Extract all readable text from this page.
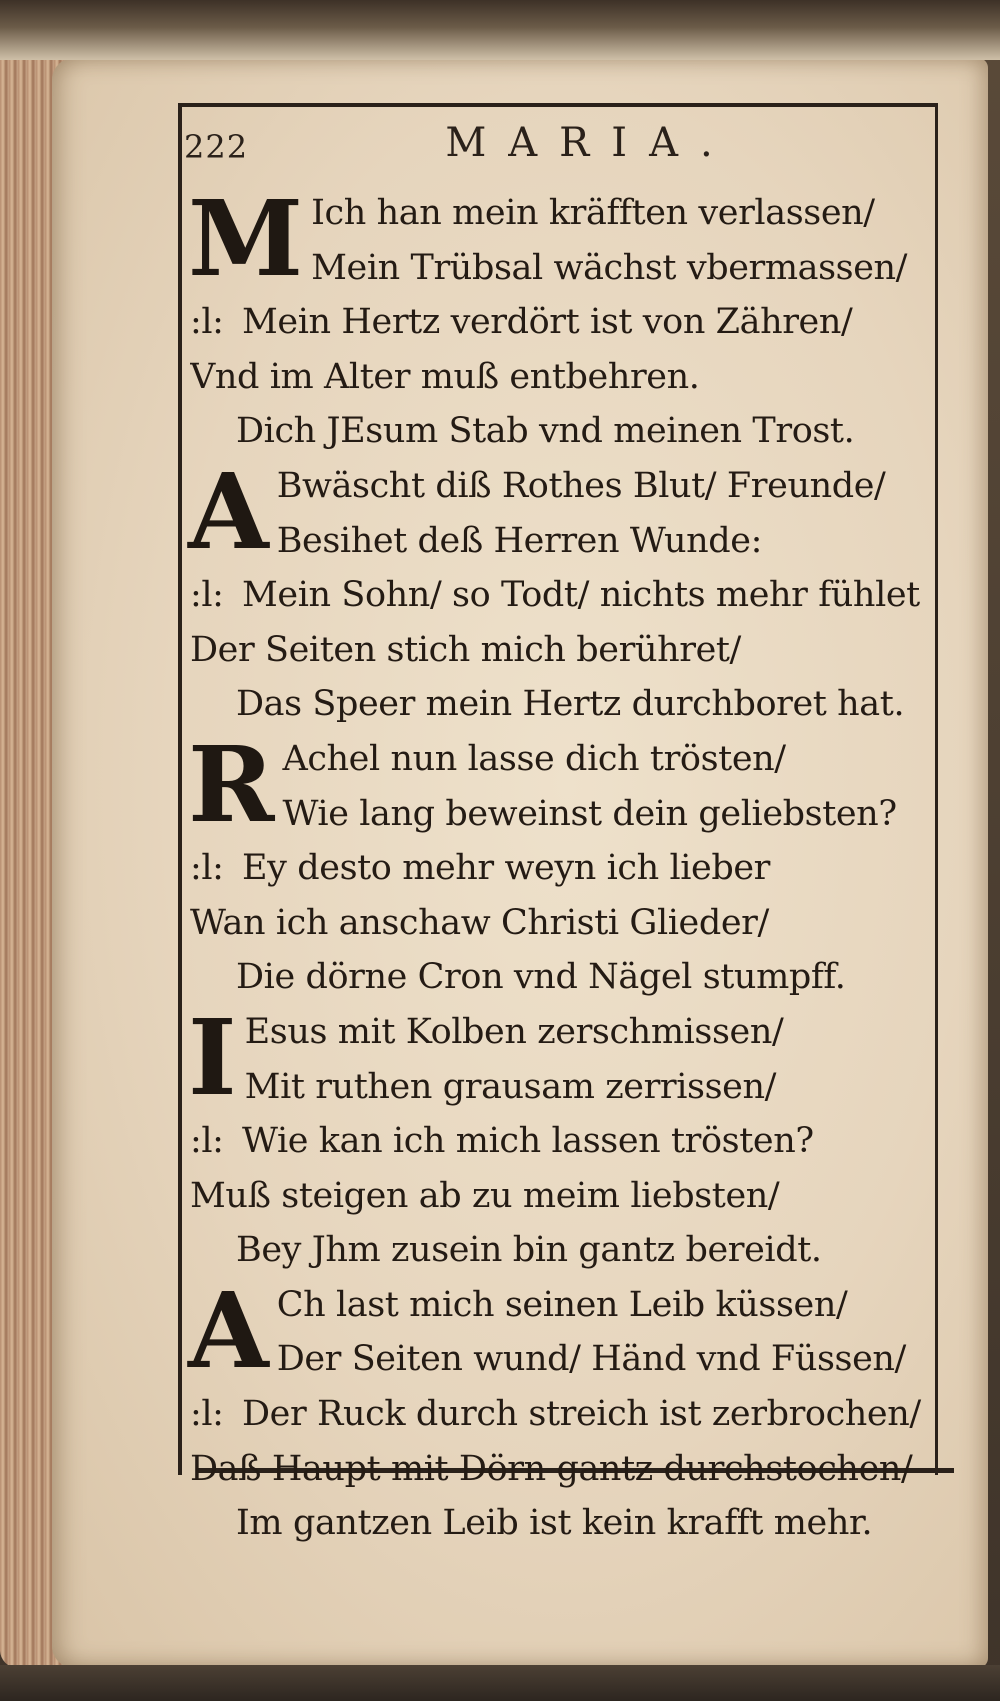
222	MARIA.
M Ich han mein kräfften verlassen/
Mein Trübsal wächst vbermassen/
:l: Mein Hertz verdört ist von Zähren/
Vnd im Alter muß entbehren.
Dich JEsum Stab vnd meinen Trost.
A Bwäscht diß Rothes Blut/ Freunde/
Besihet deß Herren Wunde:
:l: Mein Sohn/ so Todt/ nichts mehr fühlet
Der Seiten stich mich berühret/
Das Speer mein Hertz durchboret hat.
R Achel nun lasse dich trösten/
Wie lang beweinst dein geliebsten?
:l: Ey desto mehr weyn ich lieber
Wan ich anschaw Christi Glieder/
Die dörne Cron vnd Nägel stumpff.
I Esus mit Kolben zerschmissen/
Mit ruthen grausam zerrissen/
:l: Wie kan ich mich lassen trösten?
Muß steigen ab zu meim liebsten/
Bey Jhm zusein bin gantz bereidt.
A Ch last mich seinen Leib küssen/
Der Seiten wund/ Händ vnd Füssen/
:l: Der Ruck durch streich ist zerbrochen/
Daß Haupt mit Dörn gantz durchstochen/
Im gantzen Leib ist kein krafft mehr.
